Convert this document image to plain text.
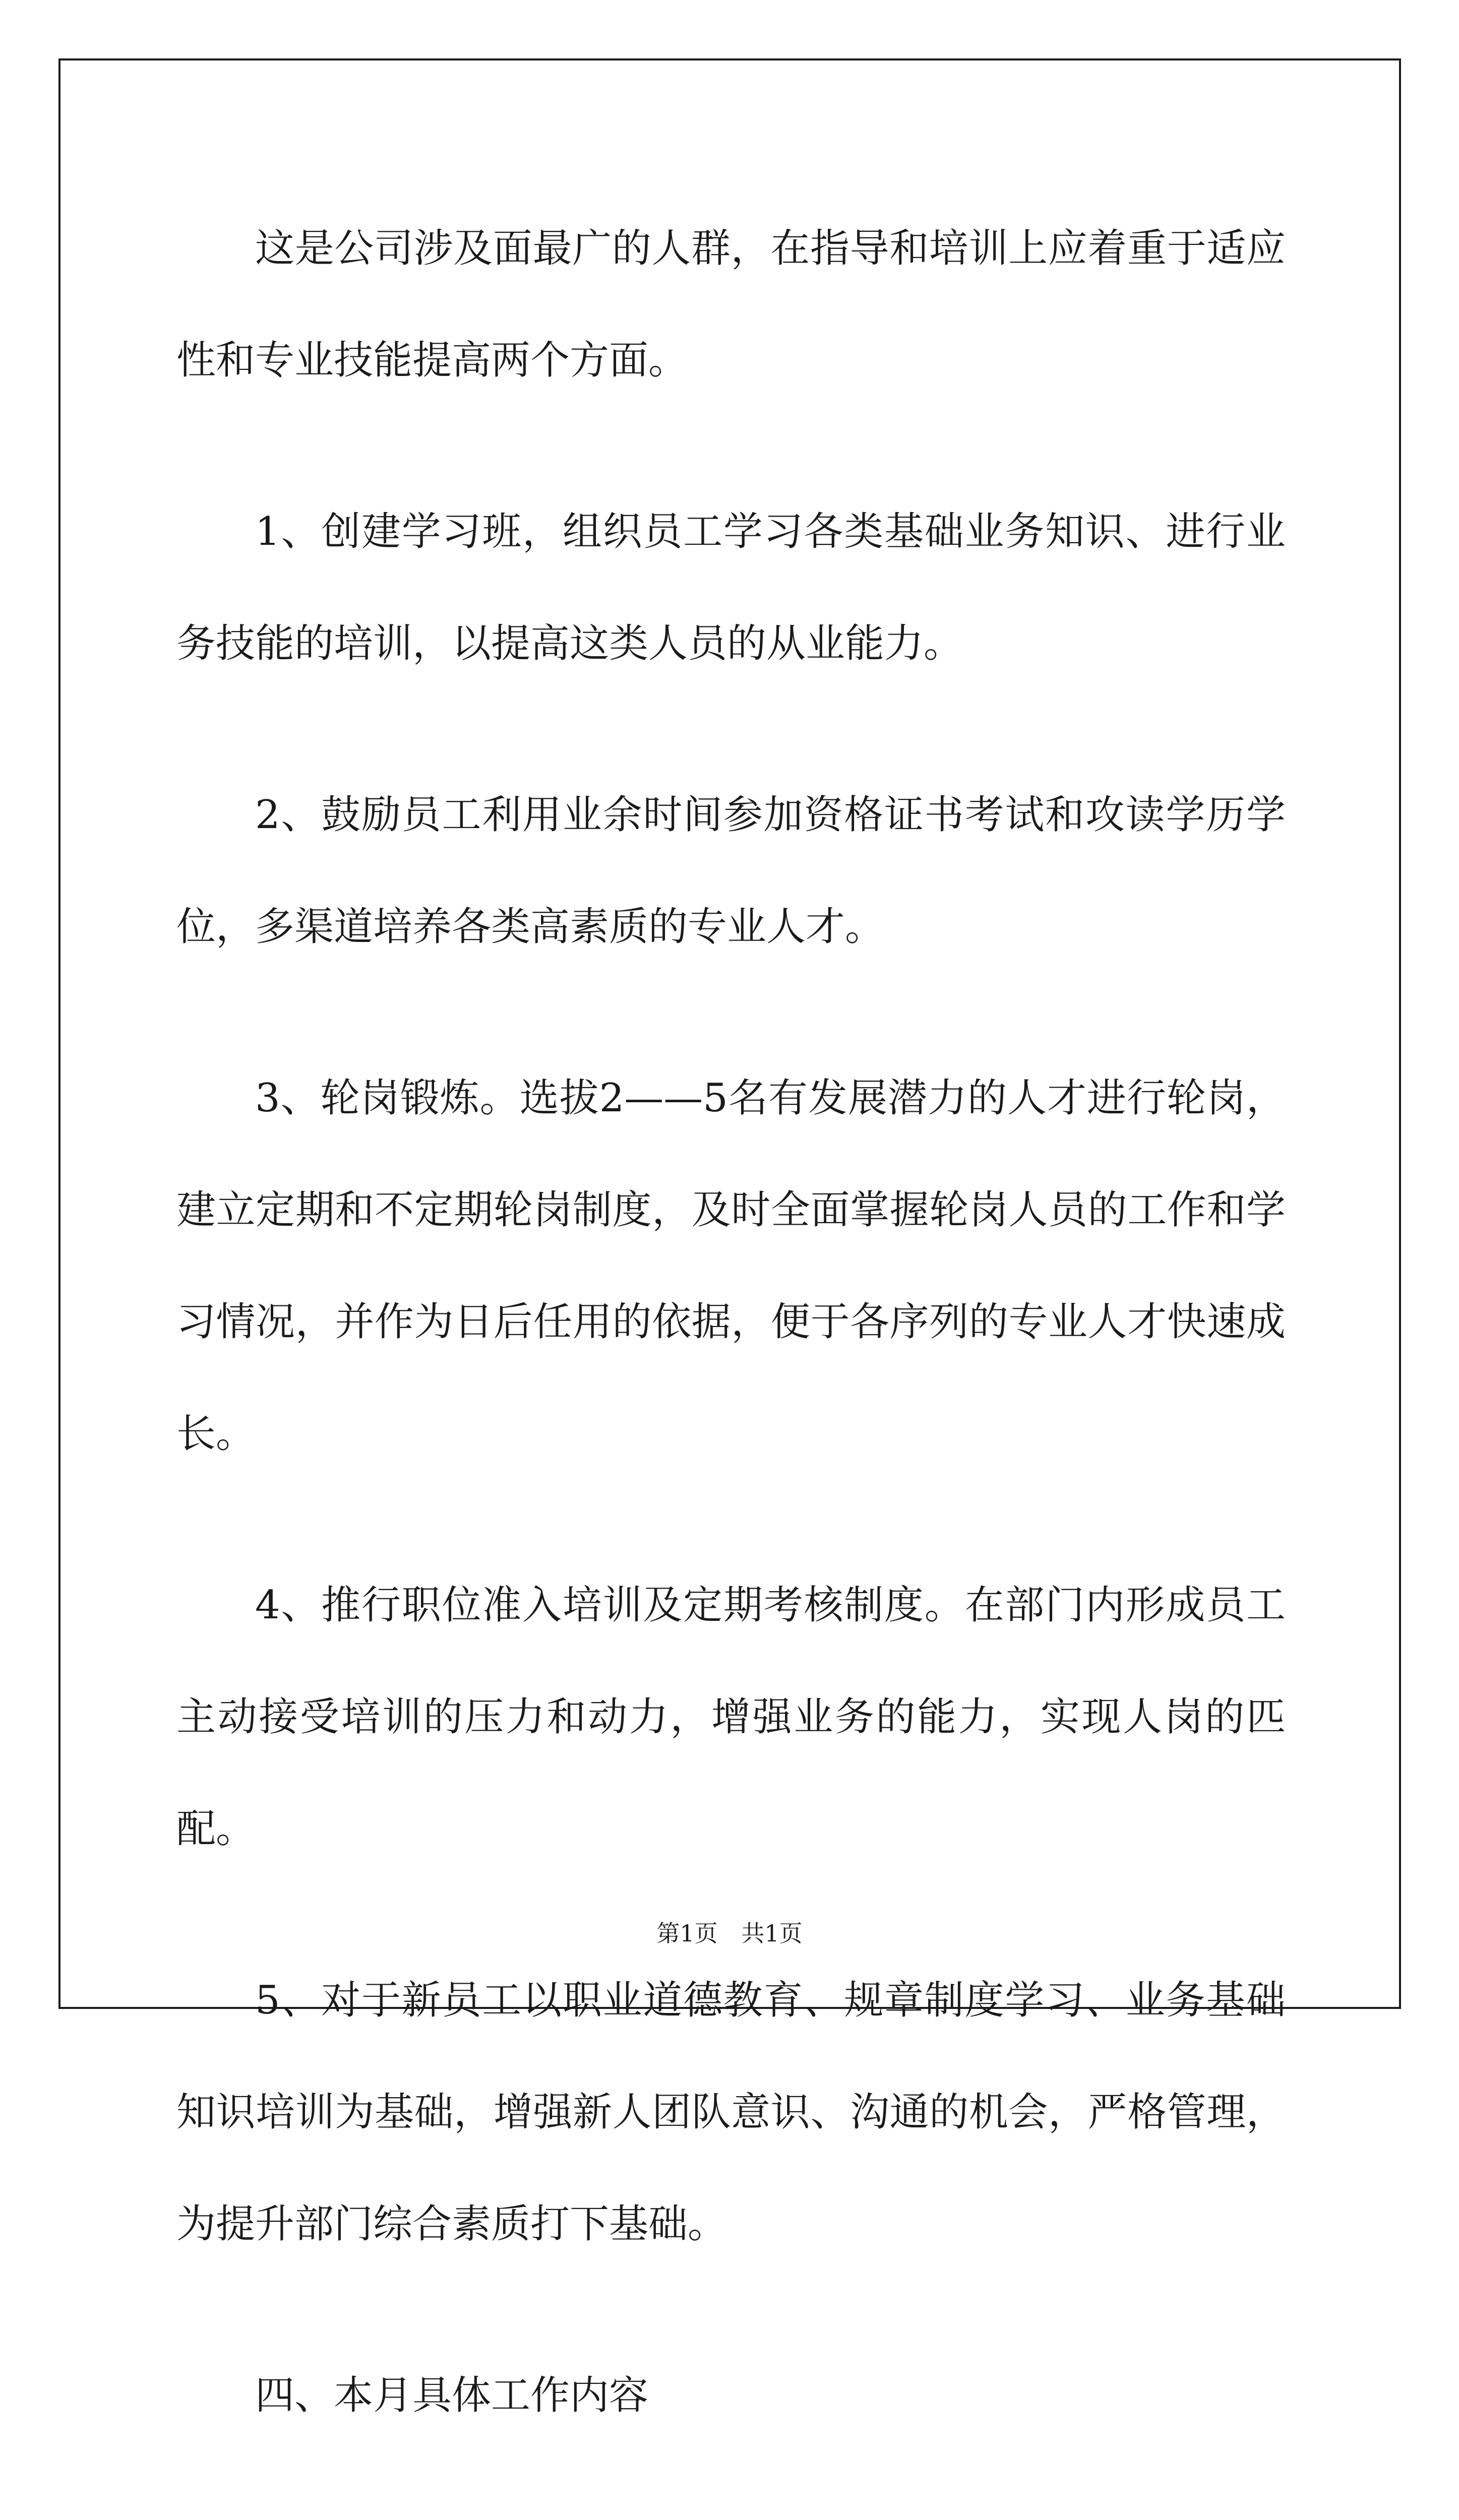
这是公司涉及面最广的人群，在指导和培训上应着重于适应性和专业技能提高两个方面。

1、创建学习班，组织员工学习各类基础业务知识、进行业务技能的培训，以提高这类人员的从业能力。

2、鼓励员工利用业余时间参加资格证书考试和攻读学历学位，多渠道培养各类高素质的专业人才。

3、轮岗锻炼。选拔2——5名有发展潜力的人才进行轮岗，建立定期和不定期轮岗制度，及时全面掌握轮岗人员的工作和学习情况，并作为日后任用的依据，便于各序列的专业人才快速成长。

4、推行职位准入培训及定期考核制度。在部门内形成员工主动接受培训的压力和动力，增强业务的能力，实现人岗的匹配。

5、对于新员工以职业道德教育、规章制度学习、业务基础知识培训为基础，增强新人团队意识、沟通的机会，严格管理，为提升部门综合素质打下基础。

四、本月具体工作内容

第1页 共1页
